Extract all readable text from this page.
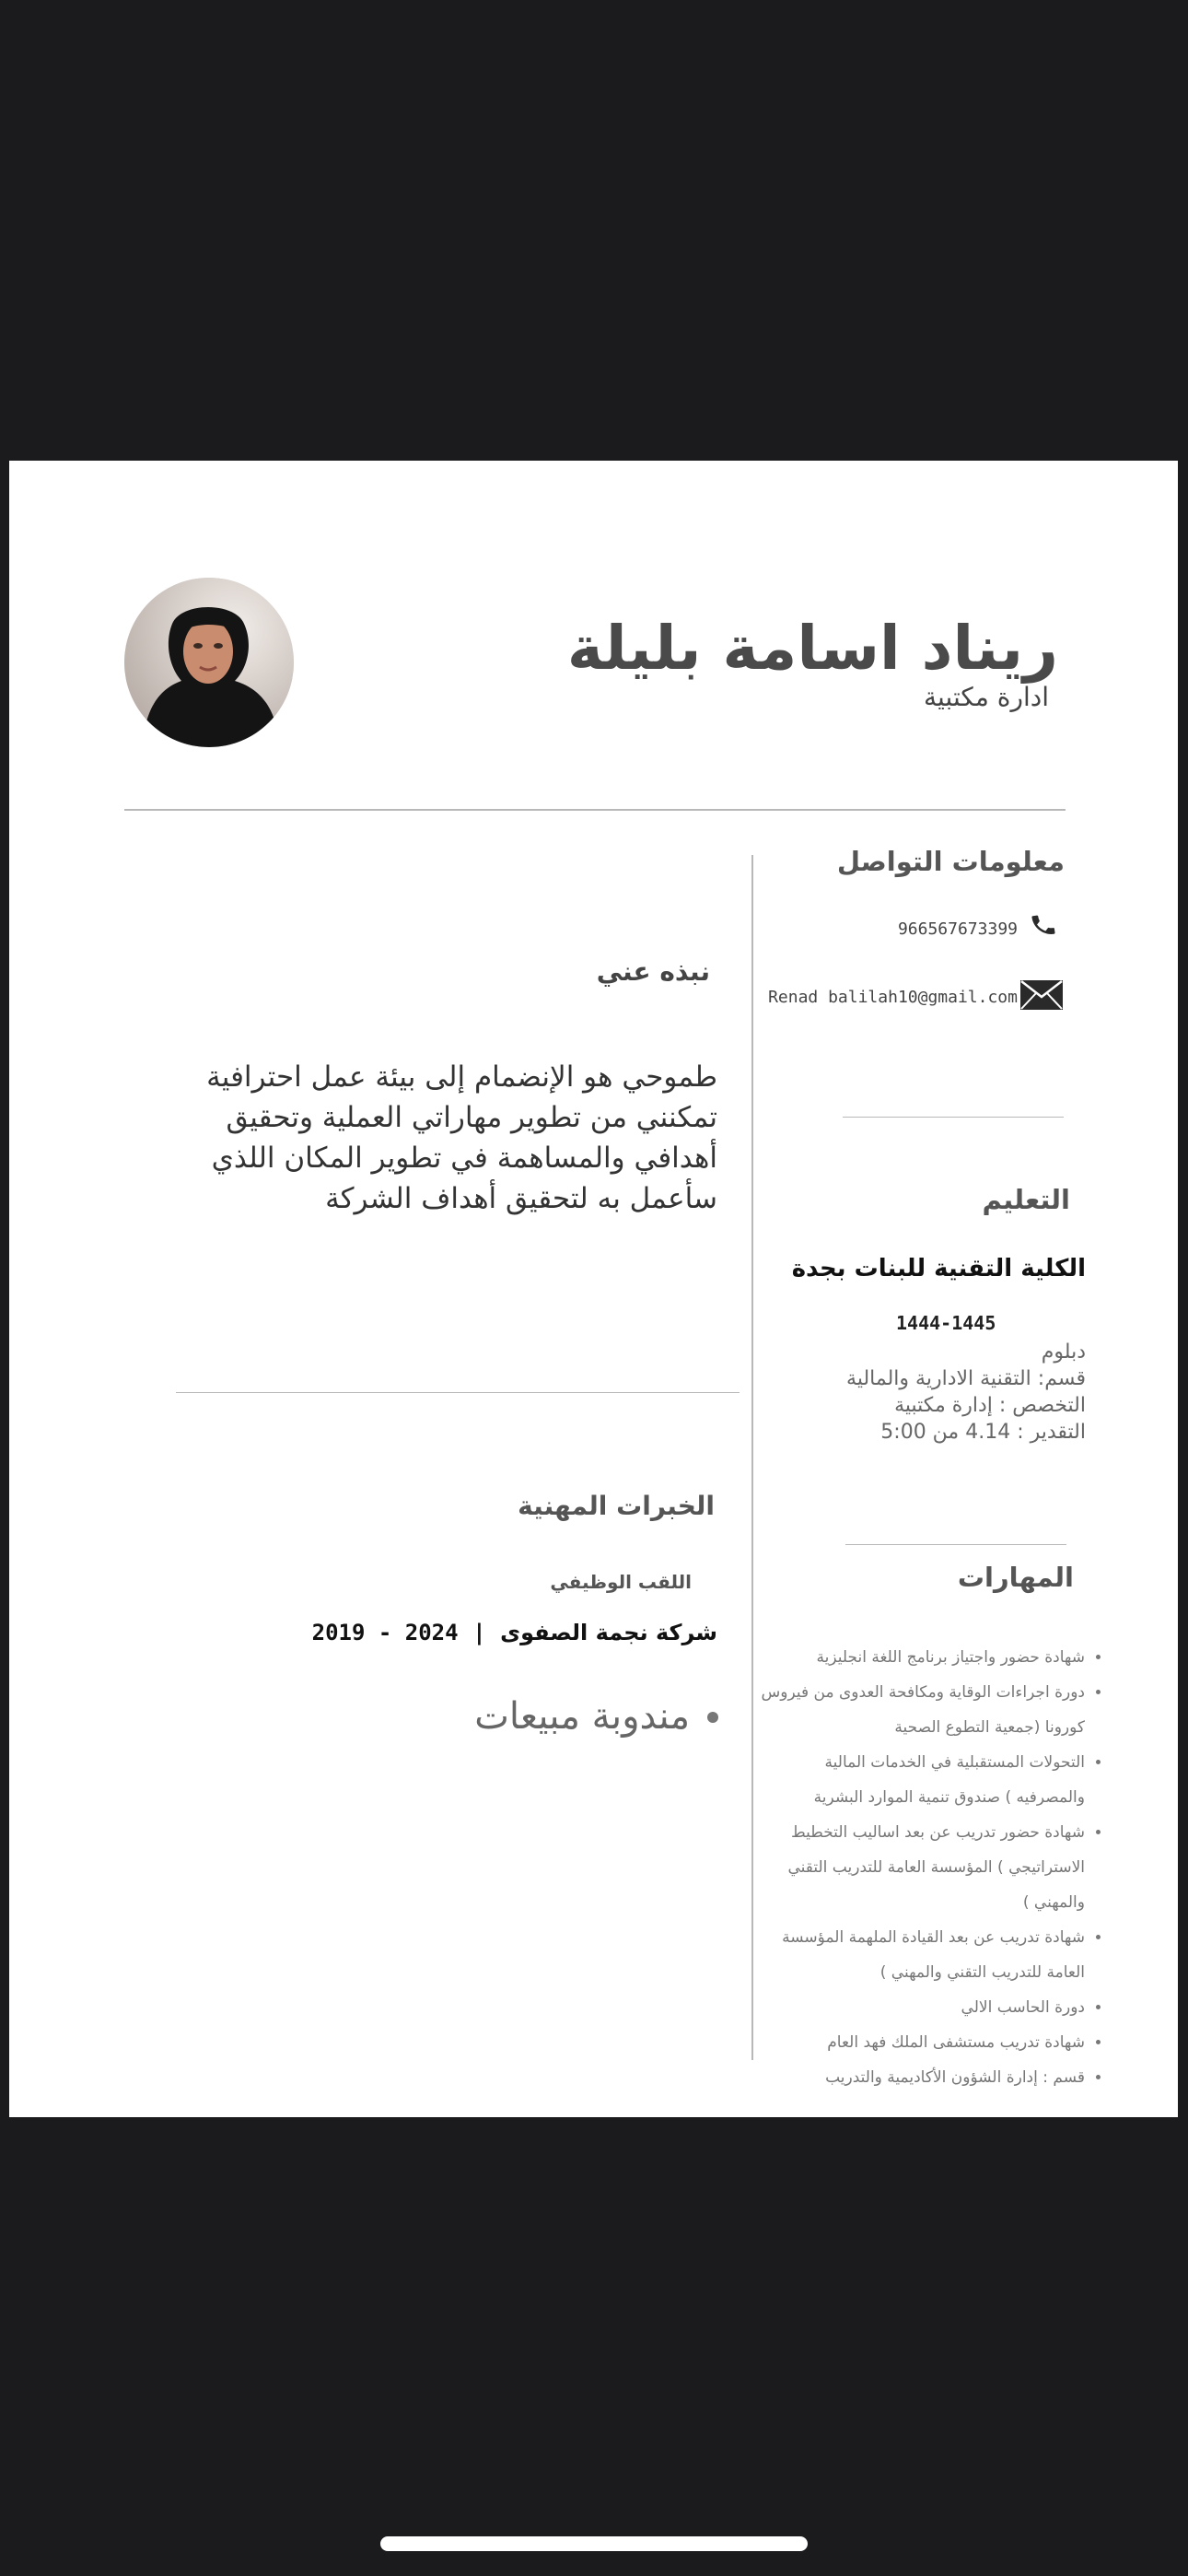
ريناد اسامة بليلة
ادارة مكتبية
معلومات التواصل
966567673399
Renad balilah10@gmail.com
التعليم
الكلية التقنية للبنات بجدة
1444-1445
دبلوم
قسم: التقنية الادارية والمالية
التخصص : إدارة مكتبية
التقدير : 4.14 من 5:00
المهارات
• شهادة حضور واجتياز برنامج اللغة انجليزية
• دورة اجراءات الوقاية ومكافحة العدوى من فيروس كورونا (جمعية التطوع الصحية
• التحولات المستقبلية في الخدمات المالية والمصرفيه ) صندوق تنمية الموارد البشرية
• شهادة حضور تدريب عن بعد اساليب التخطيط الاستراتيجي ) المؤسسة العامة للتدريب التقني والمهني )
• شهادة تدريب عن بعد القيادة الملهمة المؤسسة العامة للتدريب التقني والمهني )
• دورة الحاسب الالي
• شهادة تدريب مستشفى الملك فهد العام
• قسم : إدارة الشؤون الأكاديمية والتدريب
نبذه عني
طموحي هو الإنضمام إلى بيئة عمل احترافية تمكنني من تطوير مهاراتي العملية وتحقيق أهدافي والمساهمة في تطوير المكان اللذي سأعمل به لتحقيق أهداف الشركة
الخبرات المهنية
اللقب الوظيفي
شركة نجمة الصفوى | 2019 - 2024
• مندوبة مبيعات
